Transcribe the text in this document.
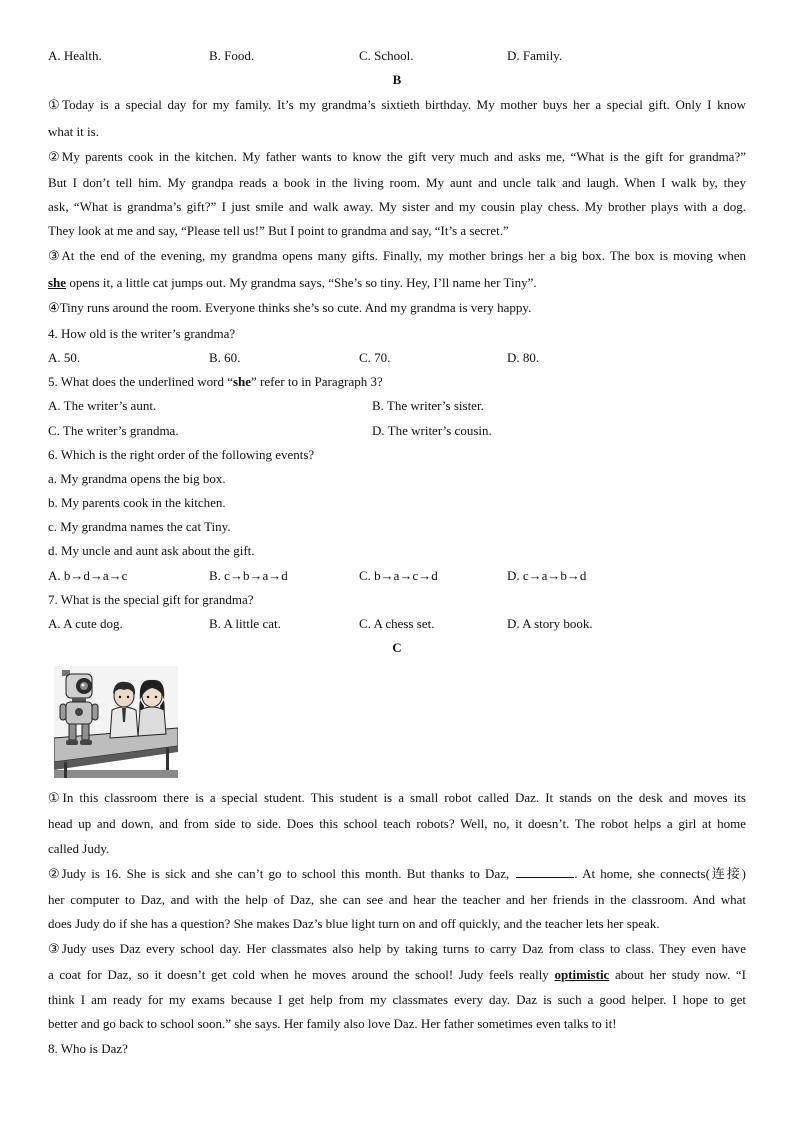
A. Health.	B. Food.	C. School.	D. Family.
B
①Today is a special day for my family. It’s my grandma’s sixtieth birthday. My mother buys her a special gift. Only I know
what it is.
②My parents cook in the kitchen. My father wants to know the gift very much and asks me, “What is the gift for grandma?”
But I don’t tell him. My grandpa reads a book in the living room. My aunt and uncle talk and laugh. When I walk by, they
ask, “What is grandma’s gift?” I just smile and walk away. My sister and my cousin play chess. My brother plays with a dog.
They look at me and say, “Please tell us!” But I point to grandma and say, “It’s a secret.”
③At the end of the evening, my grandma opens many gifts. Finally, my mother brings her a big box. The box is moving when
she opens it, a little cat jumps out. My grandma says, “She’s so tiny. Hey, I’ll name her Tiny”.
④Tiny runs around the room. Everyone thinks she’s so cute. And my grandma is very happy.
4. How old is the writer’s grandma?
A. 50.	B. 60.	C. 70.	D. 80.
5. What does the underlined word “she” refer to in Paragraph 3?
A. The writer’s aunt.	B. The writer’s sister.
C. The writer’s grandma.	D. The writer’s cousin.
6. Which is the right order of the following events?
a. My grandma opens the big box.
b. My parents cook in the kitchen.
c. My grandma names the cat Tiny.
d. My uncle and aunt ask about the gift.
A. b→d→a→c	B. c→b→a→d	C. b→a→c→d	D. c→a→b→d
7. What is the special gift for grandma?
A. A cute dog.	B. A little cat.	C. A chess set.	D. A story book.
C
①In this classroom there is a special student. This student is a small robot called Daz. It stands on the desk and moves its
head up and down, and from side to side. Does this school teach robots? Well, no, it doesn’t. The robot helps a girl at home
called Judy.
②Judy is 16. She is sick and she can’t go to school this month. But thanks to Daz,	. At home, she connects(连接)
her computer to Daz, and with the help of Daz, she can see and hear the teacher and her friends in the classroom. And what
does Judy do if she has a question? She makes Daz’s blue light turn on and off quickly, and the teacher lets her speak.
③Judy uses Daz every school day. Her classmates also help by taking turns to carry Daz from class to class. They even have
a coat for Daz, so it doesn’t get cold when he moves around the school! Judy feels really optimistic about her study now. “I
think I am ready for my exams because I get help from my classmates every day. Daz is such a good helper. I hope to get
better and go back to school soon.” she says. Her family also love Daz. Her father sometimes even talks to it!
8. Who is Daz?
